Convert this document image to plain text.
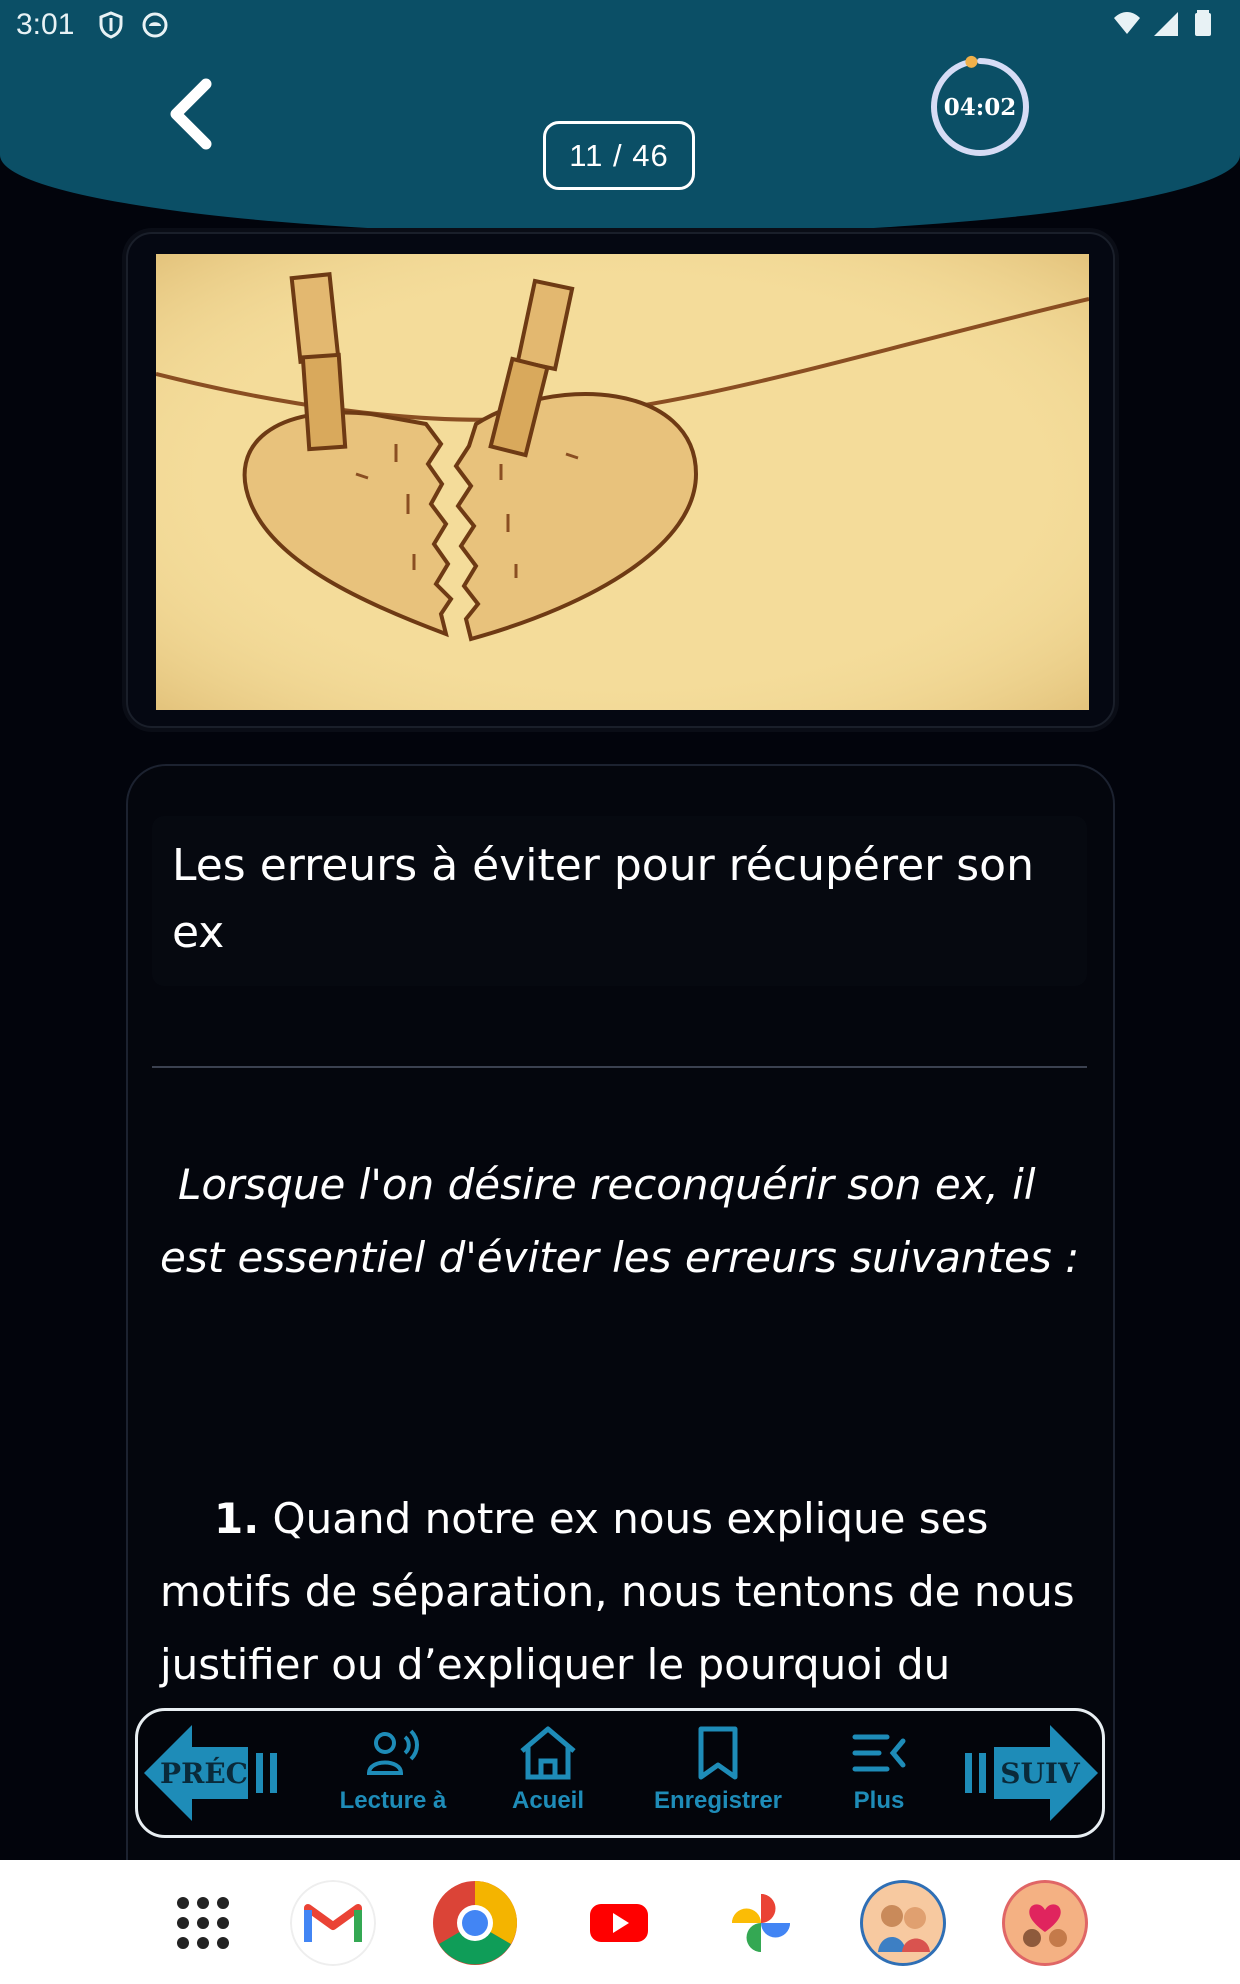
3:01
11 / 46
04:02
Les erreurs à éviter pour récupérer son ex
Lorsque l'on désire reconquérir son ex, il est essentiel d'éviter les erreurs suivantes :
1. Quand notre ex nous explique ses motifs de séparation, nous tentons de nous justifier ou d’expliquer le pourquoi du
PRÉC
Lecture à	Acueil	Enregistrer	Plus
SUIV
